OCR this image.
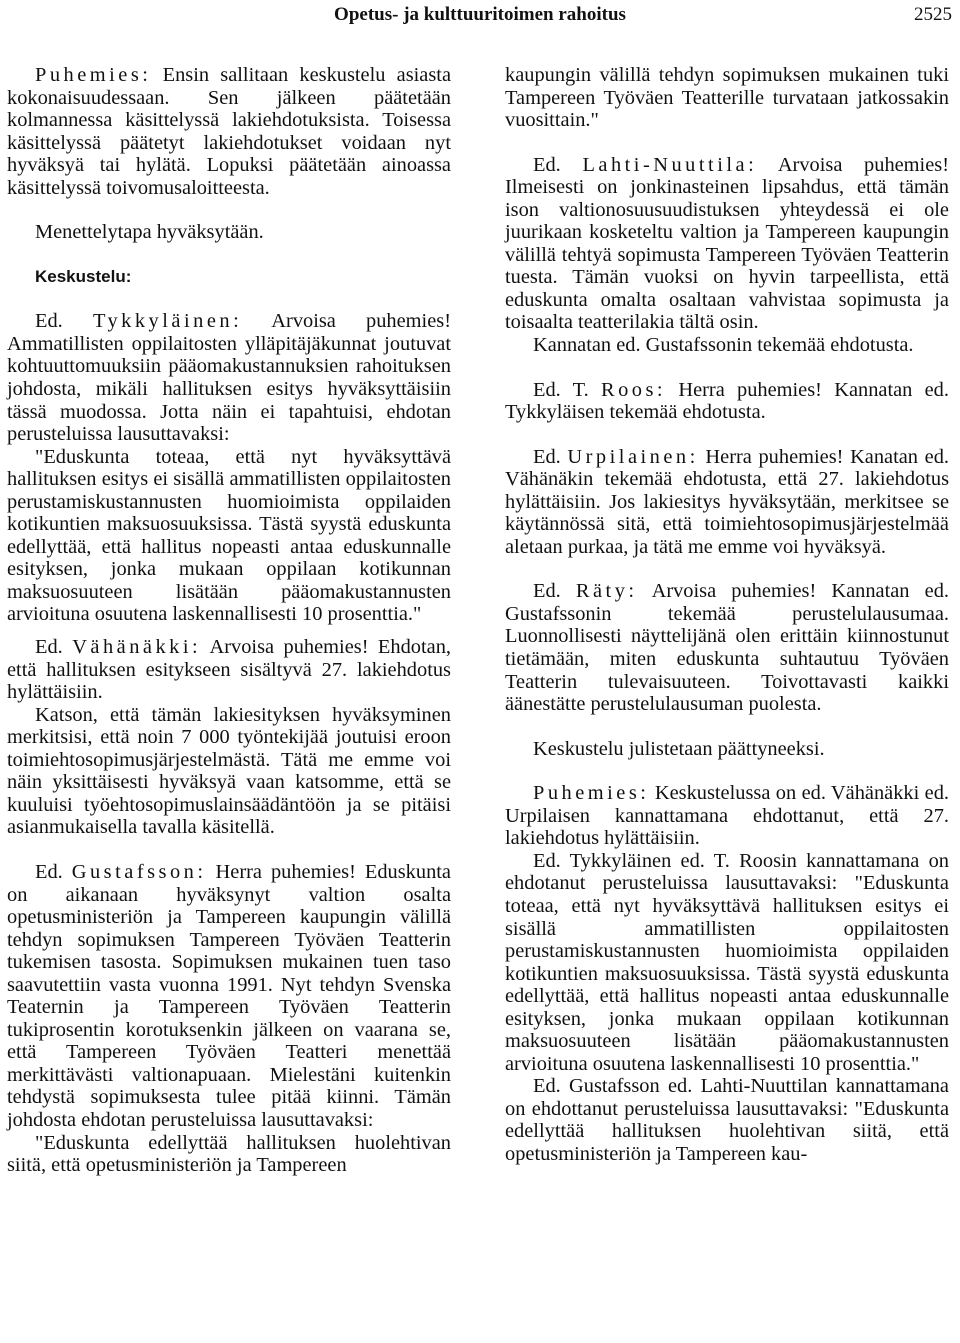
Opetus- ja kulttuuritoimen rahoitus	2525

Puhemies: Ensin sallitaan keskustelu asiasta kokonaisuudessaan. Sen jälkeen päätetään kolmannessa käsittelyssä lakiehdotuksista. Toisessa käsittelyssä päätetyt lakiehdotukset voidaan nyt hyväksyä tai hylätä. Lopuksi päätetään ainoassa käsittelyssä toivomusaloitteesta.

Menettelytapa hyväksytään.

Keskustelu:

Ed. Tykkyläinen: Arvoisa puhemies! Ammatillisten oppilaitosten ylläpitäjäkunnat joutuvat kohtuuttomuuksiin pääomakustannuksien rahoituksen johdosta, mikäli hallituksen esitys hyväksyttäisiin tässä muodossa. Jotta näin ei tapahtuisi, ehdotan perusteluissa lausuttavaksi:

"Eduskunta toteaa, että nyt hyväksyttävä hallituksen esitys ei sisällä ammatillisten oppilaitosten perustamiskustannusten huomioimista oppilaiden kotikuntien maksuosuuksissa. Tästä syystä eduskunta edellyttää, että hallitus nopeasti antaa eduskunnalle esityksen, jonka mukaan oppilaan kotikunnan maksuosuuteen lisätään pääomakustannusten arvioituna osuutena laskennallisesti 10 prosenttia."

Ed. Vähänäkki: Arvoisa puhemies! Ehdotan, että hallituksen esitykseen sisältyvä 27. lakiehdotus hylättäisiin.

Katson, että tämän lakiesityksen hyväksyminen merkitsisi, että noin 7 000 työntekijää joutuisi eroon toimiehtosopimusjärjestelmästä. Tätä me emme voi näin yksittäisesti hyväksyä vaan katsomme, että se kuuluisi työehtosopimuslainsäädäntöön ja se pitäisi asianmukaisella tavalla käsitellä.

Ed. Gustafsson: Herra puhemies! Eduskunta on aikanaan hyväksynyt valtion osalta opetusministeriön ja Tampereen kaupungin välillä tehdyn sopimuksen Tampereen Työväen Teatterin tukemisen tasosta. Sopimuksen mukainen tuen taso saavutettiin vasta vuonna 1991. Nyt tehdyn Svenska Teaternin ja Tampereen Työväen Teatterin tukiprosentin korotuksenkin jälkeen on vaarana se, että Tampereen Työväen Teatteri menettää merkittävästi valtionapuaan. Mielestäni kuitenkin tehdystä sopimuksesta tulee pitää kiinni. Tämän johdosta ehdotan perusteluissa lausuttavaksi:

"Eduskunta edellyttää hallituksen huolehtivan siitä, että opetusministeriön ja Tampereen

kaupungin välillä tehdyn sopimuksen mukainen tuki Tampereen Työväen Teatterille turvataan jatkossakin vuosittain."

Ed. Lahti-Nuuttila: Arvoisa puhemies! Ilmeisesti on jonkinasteinen lipsahdus, että tämän ison valtionosuusuudistuksen yhteydessä ei ole juurikaan kosketeltu valtion ja Tampereen kaupungin välillä tehtyä sopimusta Tampereen Työväen Teatterin tuesta. Tämän vuoksi on hyvin tarpeellista, että eduskunta omalta osaltaan vahvistaa sopimusta ja toisaalta teatterilakia tältä osin.

Kannatan ed. Gustafssonin tekemää ehdotusta.

Ed. T. Roos: Herra puhemies! Kannatan ed. Tykkyläisen tekemää ehdotusta.

Ed. Urpilainen: Herra puhemies! Kanatan ed. Vähänäkin tekemää ehdotusta, että 27. lakiehdotus hylättäisiin. Jos lakiesitys hyväksytään, merkitsee se käytännössä sitä, että toimiehtosopimusjärjestelmää aletaan purkaa, ja tätä me emme voi hyväksyä.

Ed. Räty: Arvoisa puhemies! Kannatan ed. Gustafssonin tekemää perustelulausumaa. Luonnollisesti näyttelijänä olen erittäin kiinnostunut tietämään, miten eduskunta suhtautuu Työväen Teatterin tulevaisuuteen. Toivottavasti kaikki äänestätte perustelulausuman puolesta.

Keskustelu julistetaan päättyneeksi.

Puhemies: Keskustelussa on ed. Vähänäkki ed. Urpilaisen kannattamana ehdottanut, että 27. lakiehdotus hylättäisiin.

Ed. Tykkyläinen ed. T. Roosin kannattamana on ehdotanut perusteluissa lausuttavaksi: "Eduskunta toteaa, että nyt hyväksyttävä hallituksen esitys ei sisällä ammatillisten oppilaitosten perustamiskustannusten huomioimista oppilaiden kotikuntien maksuosuuksissa. Tästä syystä eduskunta edellyttää, että hallitus nopeasti antaa eduskunnalle esityksen, jonka mukaan oppilaan kotikunnan maksuosuuteen lisätään pääomakustannusten arvioituna osuutena laskennallisesti 10 prosenttia."

Ed. Gustafsson ed. Lahti-Nuuttilan kannattamana on ehdottanut perusteluissa lausuttavaksi: "Eduskunta edellyttää hallituksen huolehtivan siitä, että opetusministeriön ja Tampereen kau-
